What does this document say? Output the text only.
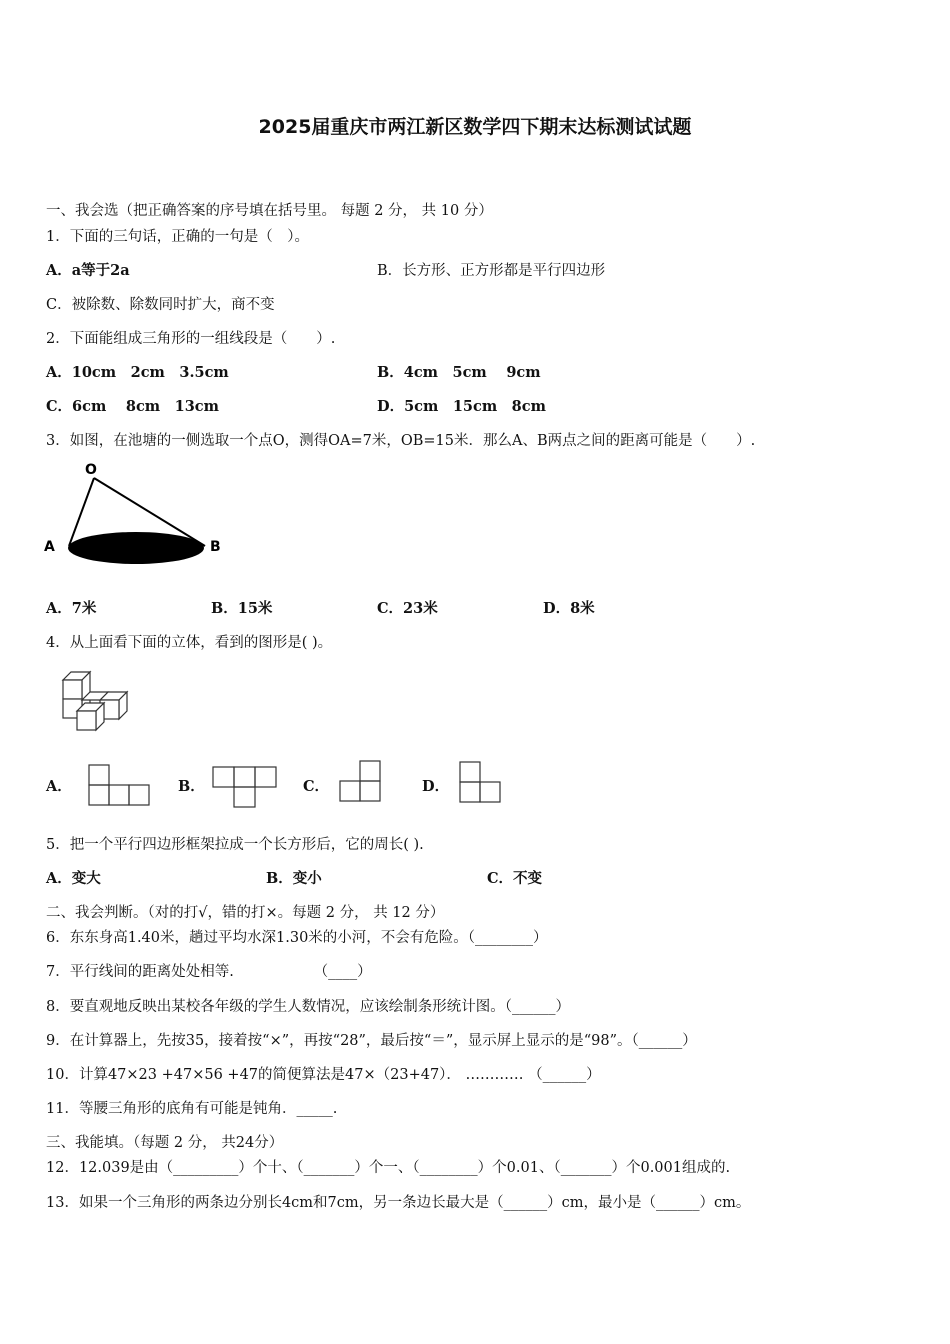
2025届重庆市两江新区数学四下期末达标测试试题
一、我会选（把正确答案的序号填在括号里。 每题 2 分， 共 10 分）
1．下面的三句话，正确的一句是（　）。
A．a等于2a	B．长方形、正方形都是平行四边形
C．被除数、除数同时扩大，商不变
2．下面能组成三角形的一组线段是（　　）.
A．10cm　2cm　3.5cm	B．4cm　5cm　 9cm
C．6cm　 8cm　13cm	D．5cm　15cm　8cm
3．如图，在池塘的一侧选取一个点O，测得OA=7米，OB=15米．那么A、B两点之间的距离可能是（　　）.
O
A	B
A．7米	B．15米	C．23米	D．8米
4．从上面看下面的立体，看到的图形是( )。
A．	B．	C．	D．
5．把一个平行四边形框架拉成一个长方形后，它的周长( ).
A．变大	B．变小	C．不变
二、我会判断。（对的打√，错的打×。每题 2 分， 共 12 分）
6．东东身高1.40米，趟过平均水深1.30米的小河，不会有危险。（________）
7．平行线间的距离处处相等.　　　　　　（____）
8．要直观地反映出某校各年级的学生人数情况，应该绘制条形统计图。（______）
9．在计算器上，先按35，接着按“×”，再按“28”，最后按“＝”，显示屏上显示的是“98”。（______）
10．计算47×23 +47×56 +47的简便算法是47×（23+47）． ………… （______）
11．等腰三角形的底角有可能是钝角．_____.
三、我能填。（每题 2 分， 共24分）
12．12.039是由（_________）个十、（_______）个一、（________）个0.01、（_______）个0.001组成的.
13．如果一个三角形的两条边分别长4cm和7cm，另一条边长最大是（______）cm，最小是（______）cm。
